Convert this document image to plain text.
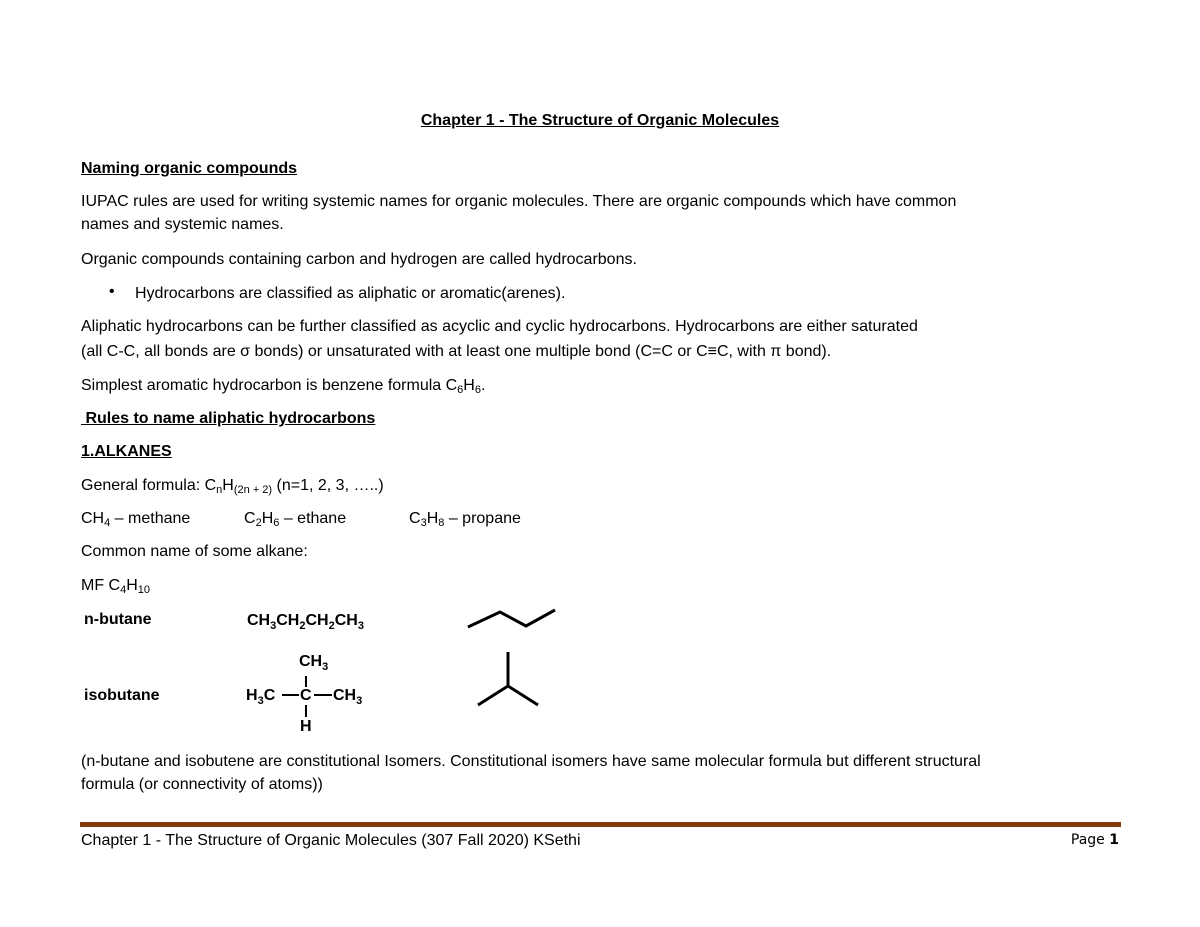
Chapter 1 - The Structure of Organic Molecules
Naming organic compounds
IUPAC rules are used for writing systemic names for organic molecules. There are organic compounds which have common
names and systemic names.
Organic compounds containing carbon and hydrogen are called hydrocarbons.
• Hydrocarbons are classified as aliphatic or aromatic(arenes).
Aliphatic hydrocarbons can be further classified as acyclic and cyclic hydrocarbons. Hydrocarbons are either saturated
(all C-C, all bonds are σ bonds) or unsaturated with at least one multiple bond (C=C or C≡C, with π bond).
Simplest aromatic hydrocarbon is benzene formula $C_6H_6$.
Rules to name aliphatic hydrocarbons
1.ALKANES
General formula: $C_nH_{(2n + 2)}$ (n=1, 2, 3, …..)
$CH_4$ – methane	$C_2H_6$ – ethane	$C_3H_8$ – propane
Common name of some alkane:
MF $C_4H_{10}$
n-butane	$CH_3CH_2CH_2CH_3$
isobutane
$CH_3$
$H_3C$ C $CH_3$
H
(n-butane and isobutene are constitutional Isomers. Constitutional isomers have same molecular formula but different structural
formula (or connectivity of atoms))
Chapter 1 - The Structure of Organic Molecules (307 Fall 2020) KSethi	Page 1
